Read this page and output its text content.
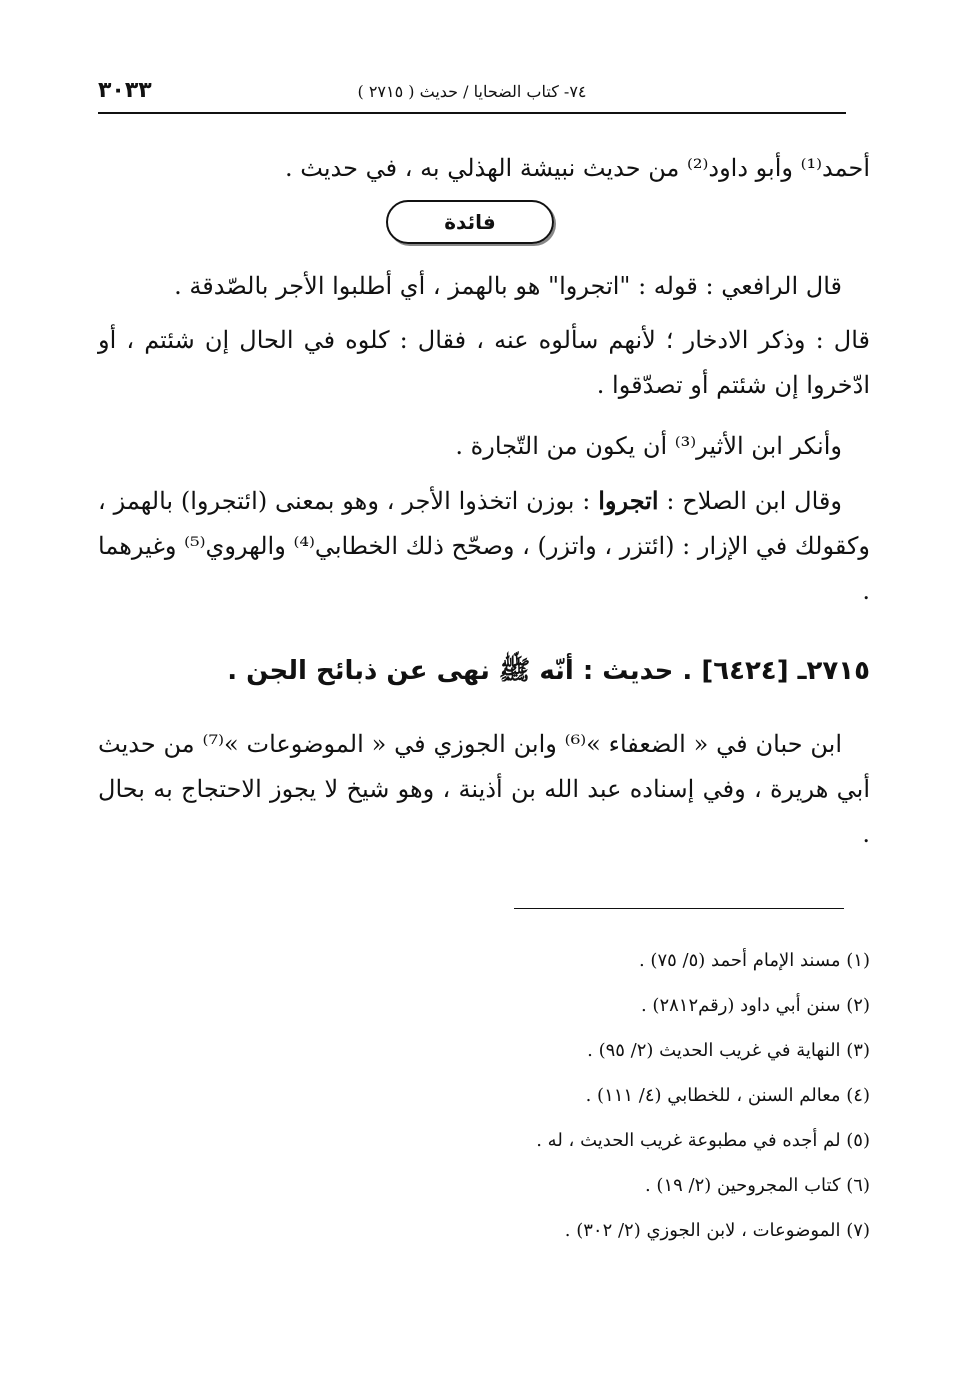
٣٠٣٣	٧٤- كتاب الضحايا / حديث ( ٢٧١٥ )
أحمد⁽¹⁾ وأبو داود⁽²⁾ من حديث نبيشة الهذلي به ، في حديث .
فائدة
قال الرافعي : قوله : "اتجروا" هو بالهمز ، أي أطلبوا الأجر بالصّدقة .
قال : وذكر الادخار ؛ لأنهم سألوه عنه ، فقال : كلوه في الحال إن شئتم ، أو ادّخروا إن شئتم أو تصدّقوا .
وأنكر ابن الأثير⁽³⁾ أن يكون من التّجارة .
وقال ابن الصلاح : اتجروا : بوزن اتخذوا الأجر ، وهو بمعنى (ائتجروا) بالهمز ، وكقولك في الإزار : (ائتزر ، واتزر) ، وصحّح ذلك الخطابي⁽⁴⁾ والهروي⁽⁵⁾ وغيرهما .
٢٧١٥ـ [٦٤٢٤] . حديث : أنّه ﷺ نهى عن ذبائح الجن .
ابن حبان في « الضعفاء »⁽⁶⁾ وابن الجوزي في « الموضوعات »⁽⁷⁾ من حديث أبي هريرة ، وفي إسناده عبد الله بن أذينة ، وهو شيخ لا يجوز الاحتجاج به بحال .
(١) مسند الإمام أحمد (٥/ ٧٥) .
(٢) سنن أبي داود (رقم٢٨١٢) .
(٣) النهاية في غريب الحديث (٢/ ٩٥) .
(٤) معالم السنن ، للخطابي (٤/ ١١١) .
(٥) لم أجده في مطبوعة غريب الحديث ، له .
(٦) كتاب المجروحين (٢/ ١٩) .
(٧) الموضوعات ، لابن الجوزي (٢/ ٣٠٢) .
